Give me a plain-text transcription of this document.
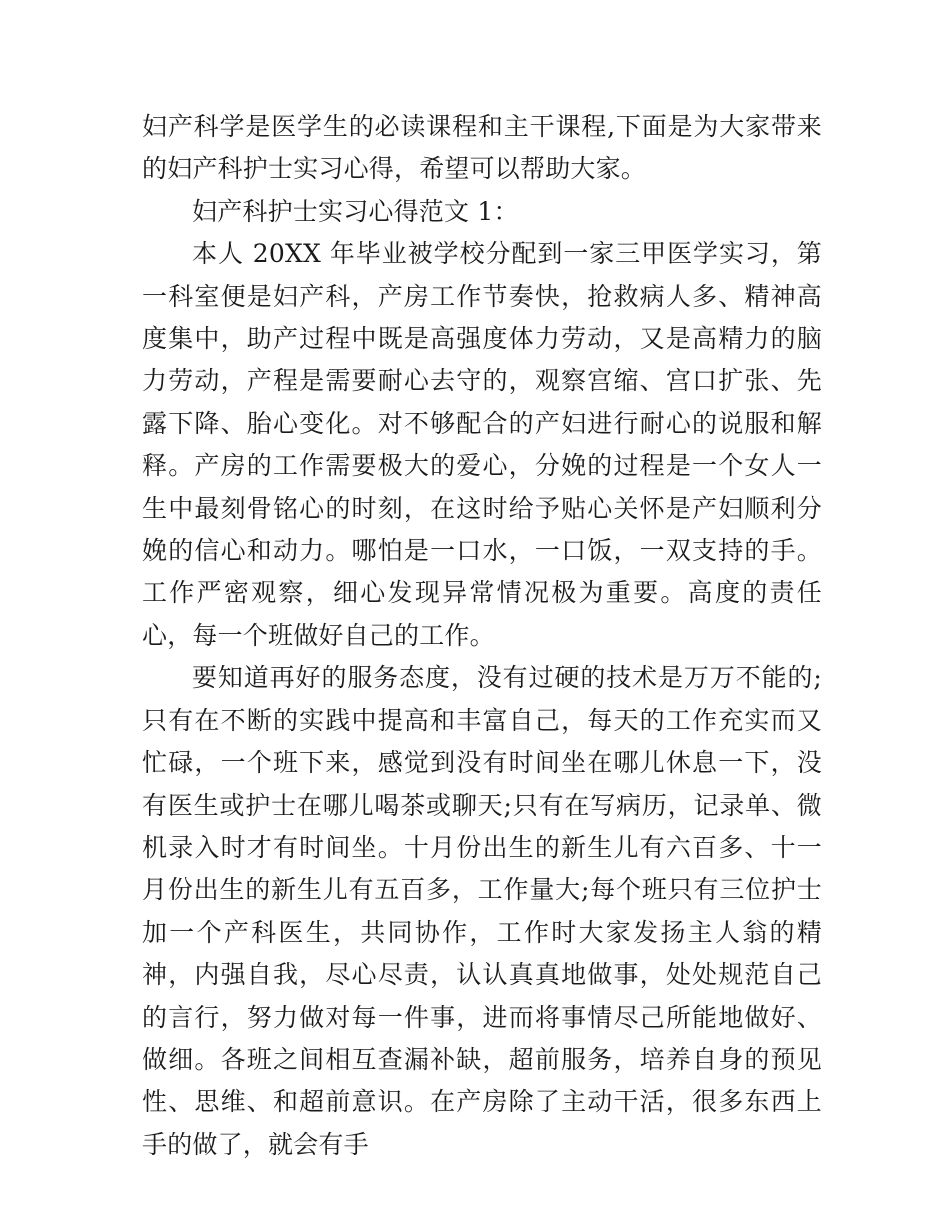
妇产科学是医学生的必读课程和主干课程,下面是为大家带来的妇产科护士实习心得，希望可以帮助大家。

妇产科护士实习心得范文 1：

本人 20XX 年毕业被学校分配到一家三甲医学实习，第一科室便是妇产科，产房工作节奏快，抢救病人多、精神高度集中，助产过程中既是高强度体力劳动，又是高精力的脑力劳动，产程是需要耐心去守的，观察宫缩、宫口扩张、先露下降、胎心变化。对不够配合的产妇进行耐心的说服和解释。产房的工作需要极大的爱心，分娩的过程是一个女人一生中最刻骨铭心的时刻，在这时给予贴心关怀是产妇顺利分娩的信心和动力。哪怕是一口水，一口饭，一双支持的手。工作严密观察，细心发现异常情况极为重要。高度的责任心，每一个班做好自己的工作。

要知道再好的服务态度，没有过硬的技术是万万不能的;只有在不断的实践中提高和丰富自己，每天的工作充实而又忙碌，一个班下来，感觉到没有时间坐在哪儿休息一下，没有医生或护士在哪儿喝茶或聊天;只有在写病历，记录单、微机录入时才有时间坐。十月份出生的新生儿有六百多、十一月份出生的新生儿有五百多，工作量大;每个班只有三位护士加一个产科医生，共同协作，工作时大家发扬主人翁的精神，内强自我，尽心尽责，认认真真地做事，处处规范自己的言行，努力做对每一件事，进而将事情尽己所能地做好、做细。各班之间相互查漏补缺，超前服务，培养自身的预见性、思维、和超前意识。在产房除了主动干活，很多东西上手的做了，就会有手
